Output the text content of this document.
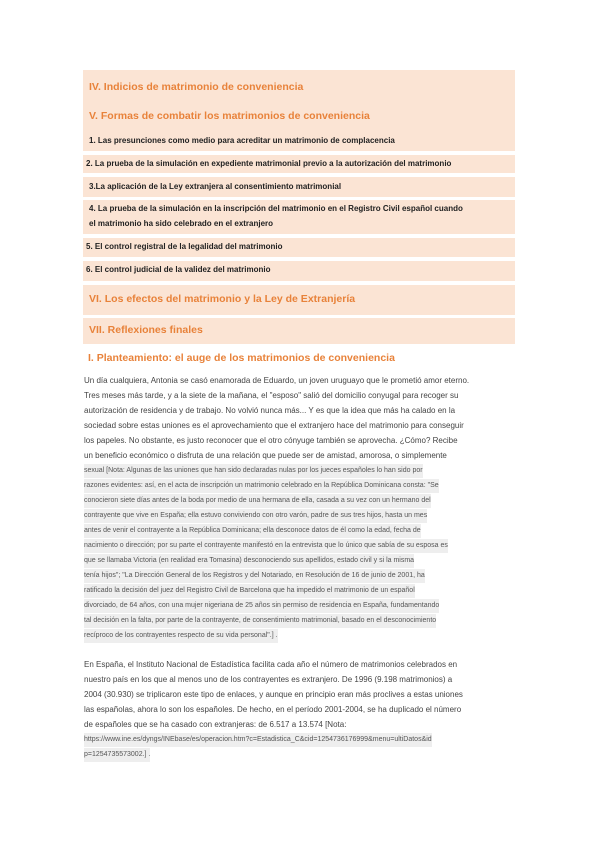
IV. Indicios de matrimonio de conveniencia
V. Formas de combatir los matrimonios de conveniencia
1. Las presunciones como medio para acreditar un matrimonio de complacencia
2. La prueba de la simulación en expediente matrimonial previo a la autorización del matrimonio
3.La aplicación de la Ley extranjera al consentimiento matrimonial
4. La prueba de la simulación en la inscripción del matrimonio en el Registro Civil español cuando
el matrimonio ha sido celebrado en el extranjero
5. El control registral de la legalidad del matrimonio
6. El control judicial de la validez del matrimonio
VI. Los efectos del matrimonio y la Ley de Extranjería
VII. Reflexiones finales
I. Planteamiento: el auge de los matrimonios de conveniencia
Un día cualquiera, Antonia se casó enamorada de Eduardo, un joven uruguayo que le prometió amor eterno.
Tres meses más tarde, y a la siete de la mañana, el "esposo" salió del domicilio conyugal para recoger su
autorización de residencia y de trabajo. No volvió nunca más... Y es que la idea que más ha calado en la
sociedad sobre estas uniones es el aprovechamiento que el extranjero hace del matrimonio para conseguir
los papeles. No obstante, es justo reconocer que el otro cónyuge también se aprovecha. ¿Cómo? Recibe
un beneficio económico o disfruta de una relación que puede ser de amistad, amorosa, o simplemente
sexual [Nota: Algunas de las uniones que han sido declaradas nulas por los jueces españoles lo han sido por
razones evidentes: así, en el acta de inscripción un matrimonio celebrado en la República Dominicana consta: "Se
conocieron siete días antes de la boda por medio de una hermana de ella, casada a su vez con un hermano del
contrayente que vive en España; ella estuvo conviviendo con otro varón, padre de sus tres hijos, hasta un mes
antes de venir el contrayente a la República Dominicana; ella desconoce datos de él como la edad, fecha de
nacimiento o dirección; por su parte el contrayente manifestó en la entrevista que lo único que sabía de su esposa es
que se llamaba Victoria (en realidad era Tomasina) desconociendo sus apellidos, estado civil y si la misma
tenía hijos"; "La Dirección General de los Registros y del Notariado, en Resolución de 16 de junio de 2001, ha
ratificado la decisión del juez del Registro Civil de Barcelona que ha impedido el matrimonio de un español
divorciado, de 64 años, con una mujer nigeriana de 25 años sin permiso de residencia en España, fundamentando
tal decisión en la falta, por parte de la contrayente, de consentimiento matrimonial, basado en el desconocimiento
recíproco de los contrayentes respecto de su vida personal".] .
En España, el Instituto Nacional de Estadística facilita cada año el número de matrimonios celebrados en
nuestro país en los que al menos uno de los contrayentes es extranjero. De 1996 (9.198 matrimonios) a
2004 (30.930) se triplicaron este tipo de enlaces, y aunque en principio eran más proclives a estas uniones
las españolas, ahora lo son los españoles. De hecho, en el período 2001-2004, se ha duplicado el número
de españoles que se ha casado con extranjeras: de 6.517 a 13.574 [Nota:
https://www.ine.es/dyngs/INEbase/es/operacion.htm?c=Estadistica_C&cid=1254736176999&menu=ultiDatos&id
p=1254735573002.] .
